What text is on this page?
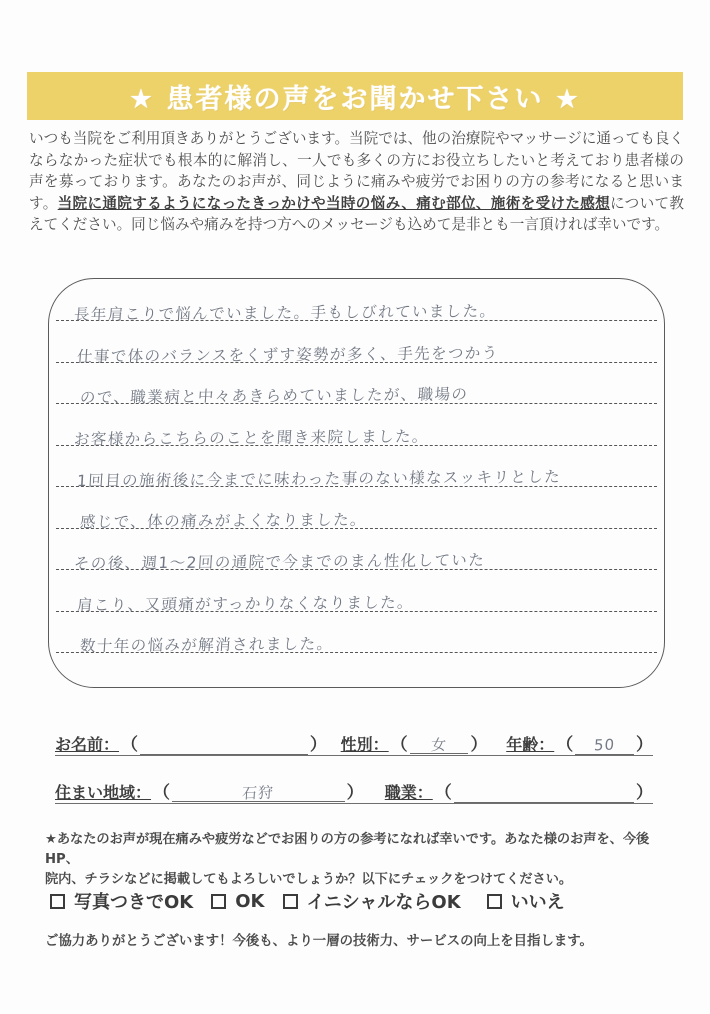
★ 患者様の声をお聞かせ下さい ★
いつも当院をご利用頂きありがとうございます。当院では、他の治療院やマッサージに通っても良くならなかった症状でも根本的に解消し、一人でも多くの方にお役立ちしたいと考えており患者様の声を募っております。あなたのお声が、同じように痛みや疲労でお困りの方の参考になると思います。当院に通院するようになったきっかけや当時の悩み、痛む部位、施術を受けた感想について教えてください。同じ悩みや痛みを持つ方へのメッセージも込めて是非とも一言頂ければ幸いです。
長年肩こりで悩んでいました。手もしびれていました。
仕事で体のバランスをくずす姿勢が多く、手先をつかう
ので、職業病と中々あきらめていましたが、職場の
お客様からこちらのことを聞き来院しました。
1回目の施術後に今までに味わった事のない様なスッキリとした
感じで、体の痛みがよくなりました。
その後、週1〜2回の通院で今までのまん性化していた
肩こり、又頭痛がすっかりなくなりました。
数十年の悩みが解消されました。
お名前： （	） 性別： （	女	） 年齢： （	50	）
住まい地域： （	石狩	） 職業： （	）
★あなたのお声が現在痛みや疲労などでお困りの方の参考になれば幸いです。あなた様のお声を、今後HP、
院内、チラシなどに掲載してもよろしいでしょうか？以下にチェックをつけてください。
写真つきでOK OK イニシャルならOK	いいえ
ご協力ありがとうございます！今後も、より一層の技術力、サービスの向上を目指します。
